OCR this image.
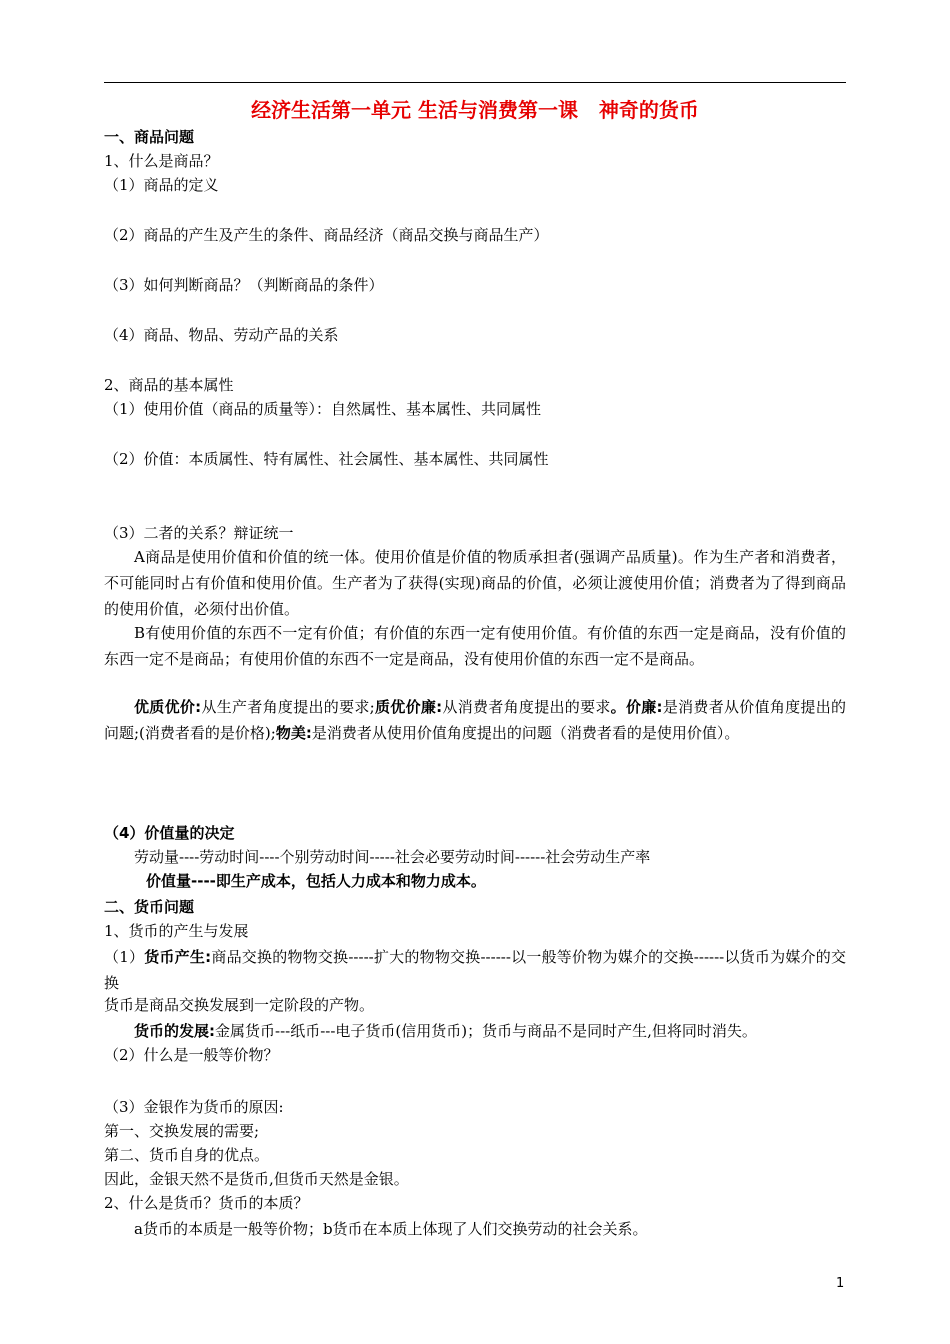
经济生活第一单元 生活与消费第一课   神奇的货币
一、商品问题
1、什么是商品？
（1）商品的定义
（2）商品的产生及产生的条件、商品经济（商品交换与商品生产）
（3）如何判断商品？（判断商品的条件）
（4）商品、物品、劳动产品的关系
2、商品的基本属性
（1）使用价值（商品的质量等）：自然属性、基本属性、共同属性
（2）价值：本质属性、特有属性、社会属性、基本属性、共同属性
（3）二者的关系？辩证统一

A商品是使用价值和价值的统一体。使用价值是价值的物质承担者(强调产品质量)。作为生产者和消费者，不可能同时占有价值和使用价值。生产者为了获得(实现)商品的价值，必须让渡使用价值；消费者为了得到商品的使用价值，必须付出价值。

B有使用价值的东西不一定有价值；有价值的东西一定有使用价值。有价值的东西一定是商品，没有价值的东西一定不是商品；有使用价值的东西不一定是商品，没有使用价值的东西一定不是商品。

优质优价:从生产者角度提出的要求;质优价廉:从消费者角度提出的要求。价廉:是消费者从价值角度提出的问题;(消费者看的是价格);物美:是消费者从使用价值角度提出的问题（消费者看的是使用价值）。

（4）价值量的决定
劳动量----劳动时间----个别劳动时间-----社会必要劳动时间------社会劳动生产率
价值量----即生产成本，包括人力成本和物力成本。
二、货币问题
1、货币的产生与发展

（1）货币产生:商品交换的物物交换-----扩大的物物交换------以一般等价物为媒介的交换------以货币为媒介的交换

货币是商品交换发展到一定阶段的产物。
货币的发展:金属货币---纸币---电子货币(信用货币)；货币与商品不是同时产生,但将同时消失。
（2）什么是一般等价物？
（3）金银作为货币的原因:
第一、交换发展的需要;
第二、货币自身的优点。
因此，金银天然不是货币,但货币天然是金银。
2、什么是货币？货币的本质？
a货币的本质是一般等价物；b货币在本质上体现了人们交换劳动的社会关系。
1
